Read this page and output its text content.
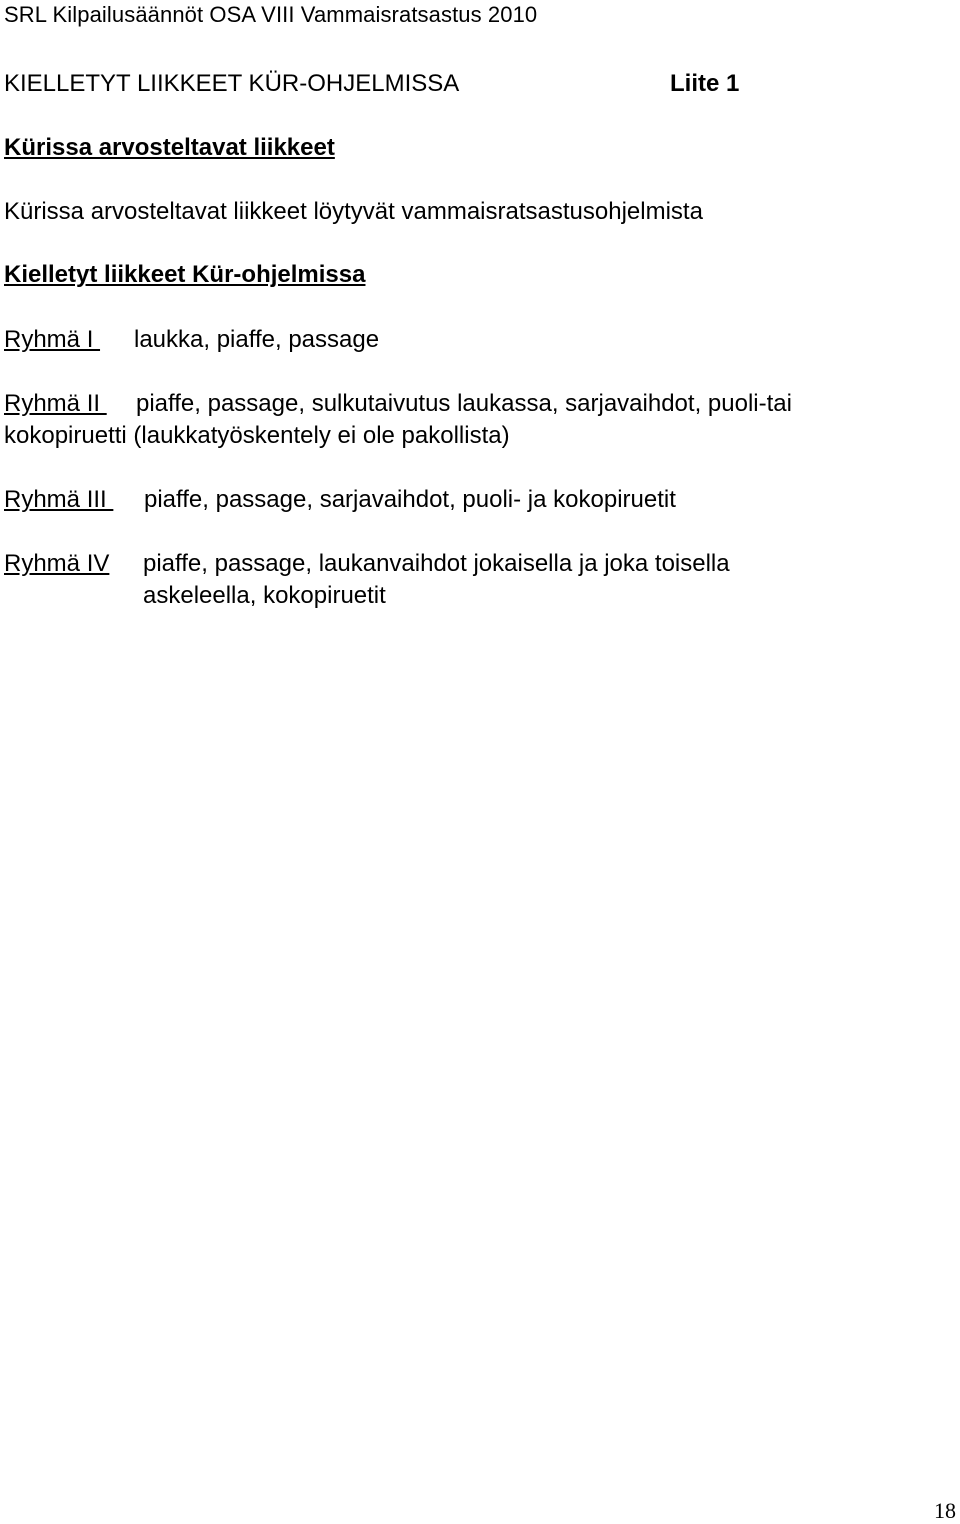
SRL Kilpailusäännöt OSA VIII Vammaisratsastus 2010
KIELLETYT LIIKKEET KÜR-OHJELMISSA	Liite 1
Kürissa arvosteltavat liikkeet
Kürissa arvosteltavat liikkeet löytyvät vammaisratsastusohjelmista
Kielletyt liikkeet Kür-ohjelmissa
Ryhmä I laukka, piaffe, passage
Ryhmä II piaffe, passage, sulkutaivutus laukassa, sarjavaihdot, puoli-tai
kokopiruetti (laukkatyöskentely ei ole pakollista)
Ryhmä III piaffe, passage, sarjavaihdot, puoli- ja kokopiruetit
Ryhmä IV	piaffe, passage, laukanvaihdot jokaisella ja joka toisella
askeleella, kokopiruetit
18
